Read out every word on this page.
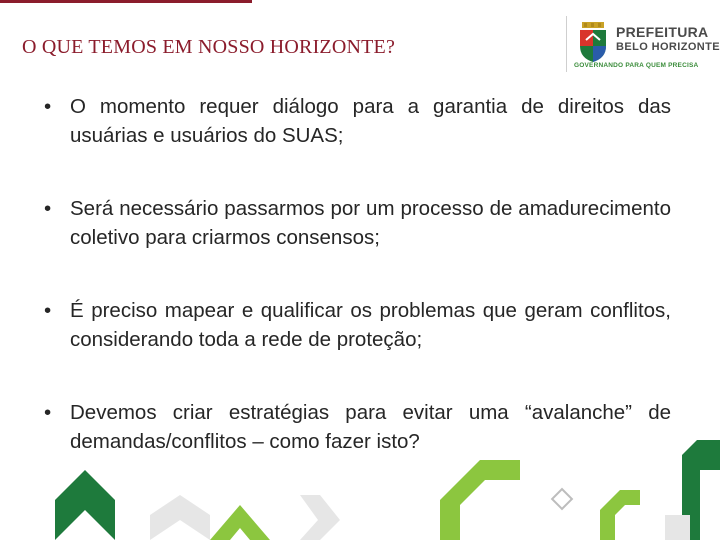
O QUE TEMOS EM NOSSO HORIZONTE?
PREFEITURA
BELO HORIZONTE
GOVERNANDO PARA QUEM PRECISA
• O momento requer diálogo para a garantia de direitos das usuárias e usuários do SUAS;
• Será necessário passarmos por um processo de amadurecimento coletivo para criarmos consensos;
• É preciso mapear e qualificar os problemas que geram conflitos, considerando toda a rede de proteção;
• Devemos criar estratégias para evitar uma “avalanche” de demandas/conflitos – como fazer isto?
